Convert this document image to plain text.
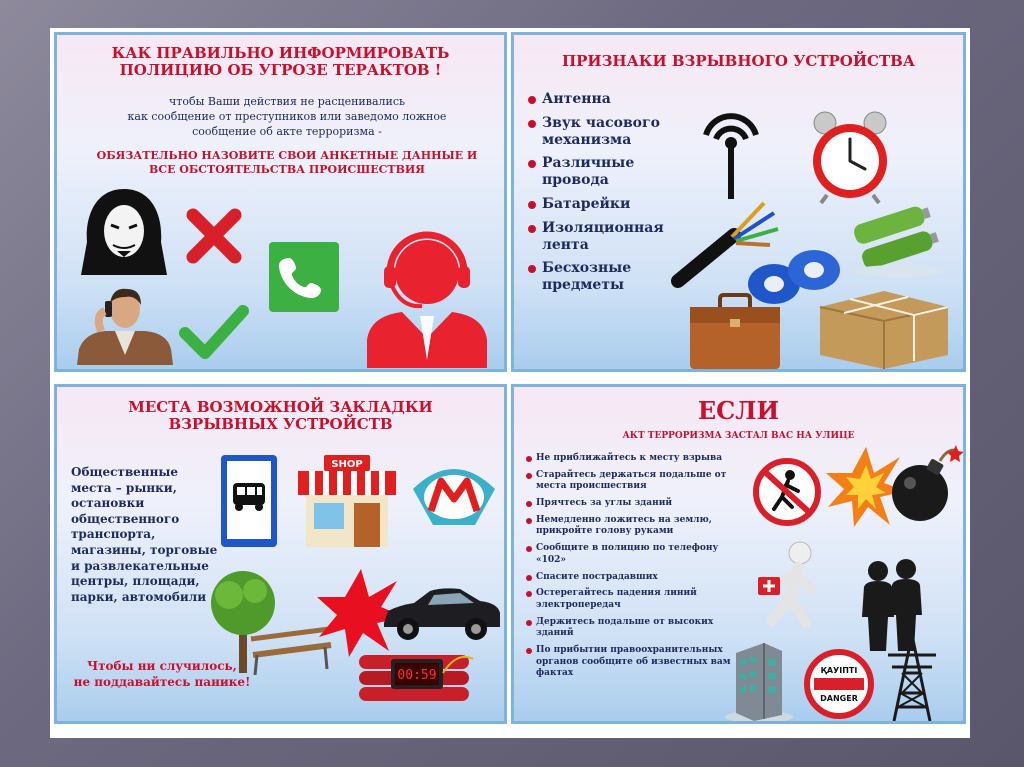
КАК ПРАВИЛЬНО ИНФОРМИРОВАТЬ
ПОЛИЦИЮ ОБ УГРОЗЕ ТЕРАКТОВ !
чтобы Ваши действия не расценивались
как сообщение от преступников или заведомо ложное
сообщение об акте терроризма -
ОБЯЗАТЕЛЬНО НАЗОВИТЕ СВОИ АНКЕТНЫЕ ДАННЫЕ И
ВСЕ ОБСТОЯТЕЛЬСТВА ПРОИСШЕСТВИЯ
ПРИЗНАКИ ВЗРЫВНОГО УСТРОЙСТВА
Антенна
Звук часового механизма
Различные провода
Батарейки
Изоляционная лента
Бесхозные предметы
МЕСТА ВОЗМОЖНОЙ ЗАКЛАДКИ
ВЗРЫВНЫХ УСТРОЙСТВ
Общественные места – рынки, остановки общественного транспорта, магазины, торговые и развлекательные центры, площади, парки, автомобили
Чтобы ни случилось,
не поддавайтесь панике!
SHOP
00:59
ЕСЛИ
АКТ ТЕРРОРИЗМА ЗАСТАЛ ВАС НА УЛИЦЕ
Не приближайтесь к месту взрыва
Старайтесь держаться подальше от места происшествия
Прячтесь за углы зданий
Немедленно ложитесь на землю, прикройте голову руками
Сообщите в полицию по телефону «102»
Спасите пострадавших
Остерегайтесь падения линий электропередач
Держитесь подальше от высоких зданий
По прибытии правоохранительных органов сообщите об известных вам фактах	ҚАУІПТІ
DANGER
